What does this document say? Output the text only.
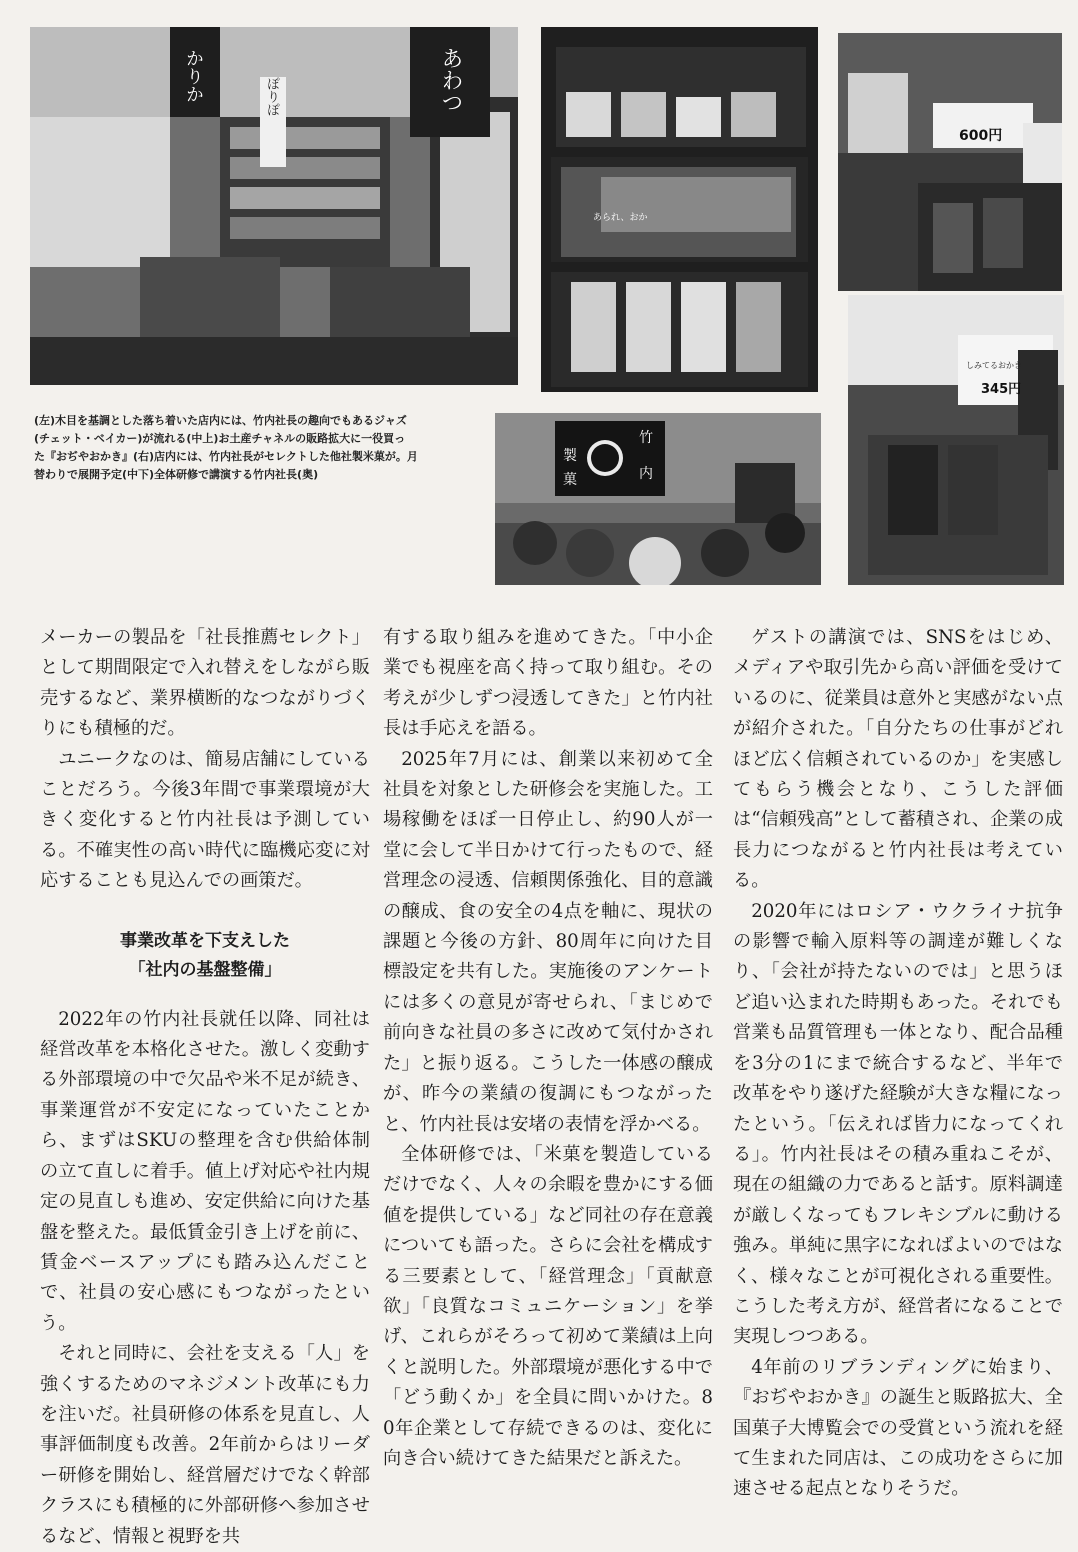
かりか	あわつ
ぽりぽ
あられ、おか
600円
345円
しみてるおかき
製
竹
菓	内

(左)木目を基調とした落ち着いた店内には、竹内社長の趣向でもあるジャズ

(チェット・ベイカー)が流れる(中上)お土産チャネルの販路拡大に一役買っ

た『おぢやおかき』(右)店内には、竹内社長がセレクトした他社製米菓が。月

替わりで展開予定(中下)全体研修で講演する竹内社長(奥)

メーカーの製品を「社長推薦セレクト」として期間限定で入れ替えをしながら販売するなど、業界横断的なつながりづくりにも積極的だ。

ユニークなのは、簡易店舗にしていることだろう。今後3年間で事業環境が大きく変化すると竹内社長は予測している。不確実性の高い時代に臨機応変に対応することも見込んでの画策だ。

事業改革を下支えした
「社内の基盤整備」

2022年の竹内社長就任以降、同社は経営改革を本格化させた。激しく変動する外部環境の中で欠品や米不足が続き、事業運営が不安定になっていたことから、まずはSKUの整理を含む供給体制の立て直しに着手。値上げ対応や社内規定の見直しも進め、安定供給に向けた基盤を整えた。最低賃金引き上げを前に、賃金ベースアップにも踏み込んだことで、社員の安心感にもつながったという。

それと同時に、会社を支える「人」を強くするためのマネジメント改革にも力を注いだ。社員研修の体系を見直し、人事評価制度も改善。2年前からはリーダー研修を開始し、経営層だけでなく幹部クラスにも積極的に外部研修へ参加させるなど、情報と視野を共

有する取り組みを進めてきた。「中小企業でも視座を高く持って取り組む。その考えが少しずつ浸透してきた」と竹内社長は手応えを語る。

2025年7月には、創業以来初めて全社員を対象とした研修会を実施した。工場稼働をほぼ一日停止し、約90人が一堂に会して半日かけて行ったもので、経営理念の浸透、信頼関係強化、目的意識の醸成、食の安全の4点を軸に、現状の課題と今後の方針、80周年に向けた目標設定を共有した。実施後のアンケートには多くの意見が寄せられ、「まじめで前向きな社員の多さに改めて気付かされた」と振り返る。こうした一体感の醸成が、昨今の業績の復調にもつながったと、竹内社長は安堵の表情を浮かべる。

全体研修では、「米菓を製造しているだけでなく、人々の余暇を豊かにする価値を提供している」など同社の存在意義についても語った。さらに会社を構成する三要素として、「経営理念」「貢献意欲」「良質なコミュニケーション」を挙げ、これらがそろって初めて業績は上向くと説明した。外部環境が悪化する中で「どう動くか」を全員に問いかけた。80年企業として存続できるのは、変化に向き合い続けてきた結果だと訴えた。

ゲストの講演では、SNSをはじめ、メディアや取引先から高い評価を受けているのに、従業員は意外と実感がない点が紹介された。「自分たちの仕事がどれほど広く信頼されているのか」を実感してもらう機会となり、こうした評価は“信頼残高”として蓄積され、企業の成長力につながると竹内社長は考えている。

2020年にはロシア・ウクライナ抗争の影響で輸入原料等の調達が難しくなり、「会社が持たないのでは」と思うほど追い込まれた時期もあった。それでも営業も品質管理も一体となり、配合品種を3分の1にまで統合するなど、半年で改革をやり遂げた経験が大きな糧になったという。「伝えれば皆力になってくれる」。竹内社長はその積み重ねこそが、現在の組織の力であると話す。原料調達が厳しくなってもフレキシブルに動ける強み。単純に黒字になればよいのではなく、様々なことが可視化される重要性。こうした考え方が、経営者になることで実現しつつある。

4年前のリブランディングに始まり、『おぢやおかき』の誕生と販路拡大、全国菓子大博覧会での受賞という流れを経て生まれた同店は、この成功をさらに加速させる起点となりそうだ。
